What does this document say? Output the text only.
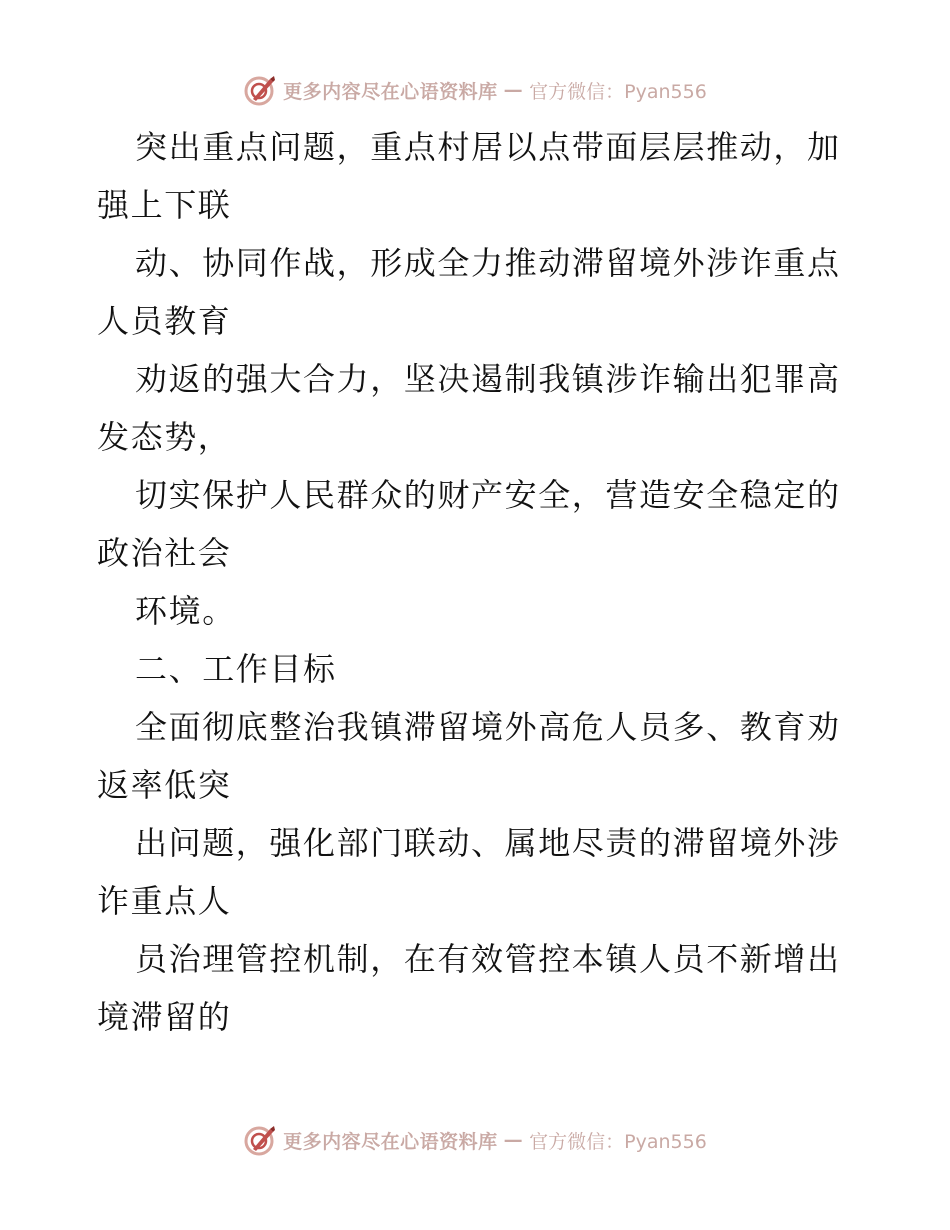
更多内容尽在心语资料库 — 官方微信：Pyan556

突出重点问题，重点村居以点带面层层推动，加强上下联

动、协同作战，形成全力推动滞留境外涉诈重点人员教育

劝返的强大合力，坚决遏制我镇涉诈输出犯罪高发态势，

切实保护人民群众的财产安全，营造安全稳定的政治社会

环境。

二、工作目标

全面彻底整治我镇滞留境外高危人员多、教育劝返率低突

出问题，强化部门联动、属地尽责的滞留境外涉诈重点人

员治理管控机制，在有效管控本镇人员不新增出境滞留的

更多内容尽在心语资料库 — 官方微信：Pyan556
